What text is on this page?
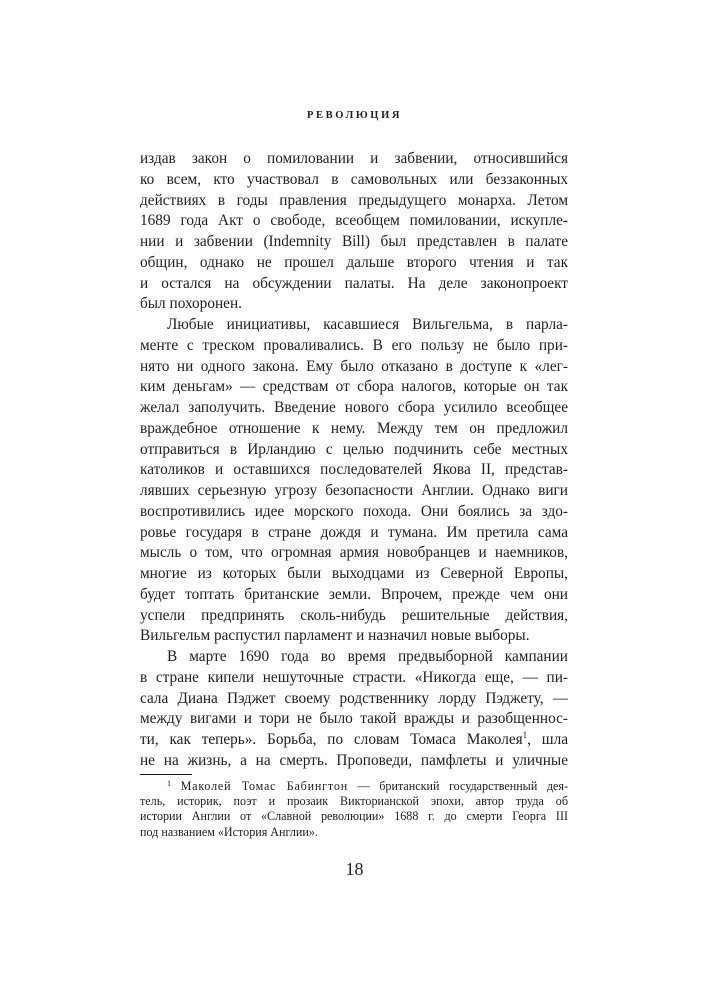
РЕВОЛЮЦИЯ
издав закон о помиловании и забвении, относившийся
ко всем, кто участвовал в самовольных или беззаконных
действиях в годы правления предыдущего монарха. Летом
1689 года Акт о свободе, всеобщем помиловании, искупле-
нии и забвении (Indemnity Bill) был представлен в палате
общин, однако не прошел дальше второго чтения и так
и остался на обсуждении палаты. На деле законопроект
был похоронен.
Любые инициативы, касавшиеся Вильгельма, в парла-
менте с треском проваливались. В его пользу не было при-
нято ни одного закона. Ему было отказано в доступе к «лег-
ким деньгам» — средствам от сбора налогов, которые он так
желал заполучить. Введение нового сбора усилило всеобщее
враждебное отношение к нему. Между тем он предложил
отправиться в Ирландию с целью подчинить себе местных
католиков и оставшихся последователей Якова II, представ-
лявших серьезную угрозу безопасности Англии. Однако виги
воспротивились идее морского похода. Они боялись за здо-
ровье государя в стране дождя и тумана. Им претила сама
мысль о том, что огромная армия новобранцев и наемников,
многие из которых были выходцами из Северной Европы,
будет топтать британские земли. Впрочем, прежде чем они
успели предпринять сколь-нибудь решительные действия,
Вильгельм распустил парламент и назначил новые выборы.
В марте 1690 года во время предвыборной кампании
в стране кипели нешуточные страсти. «Никогда еще, — пи-
сала Диана Пэджет своему родственнику лорду Пэджету, —
между вигами и тори не было такой вражды и разобщеннос-
ти, как теперь». Борьба, по словам Томаса Маколея$^1$, шла
не на жизнь, а на смерть. Проповеди, памфлеты и уличные
$^1$ Маколей Томас Бабингтон — британский государственный дея-
тель, историк, поэт и прозаик Викторианской эпохи, автор труда об
истории Англии от «Славной революции» 1688 г. до смерти Георга III
под названием «История Англии».
18
